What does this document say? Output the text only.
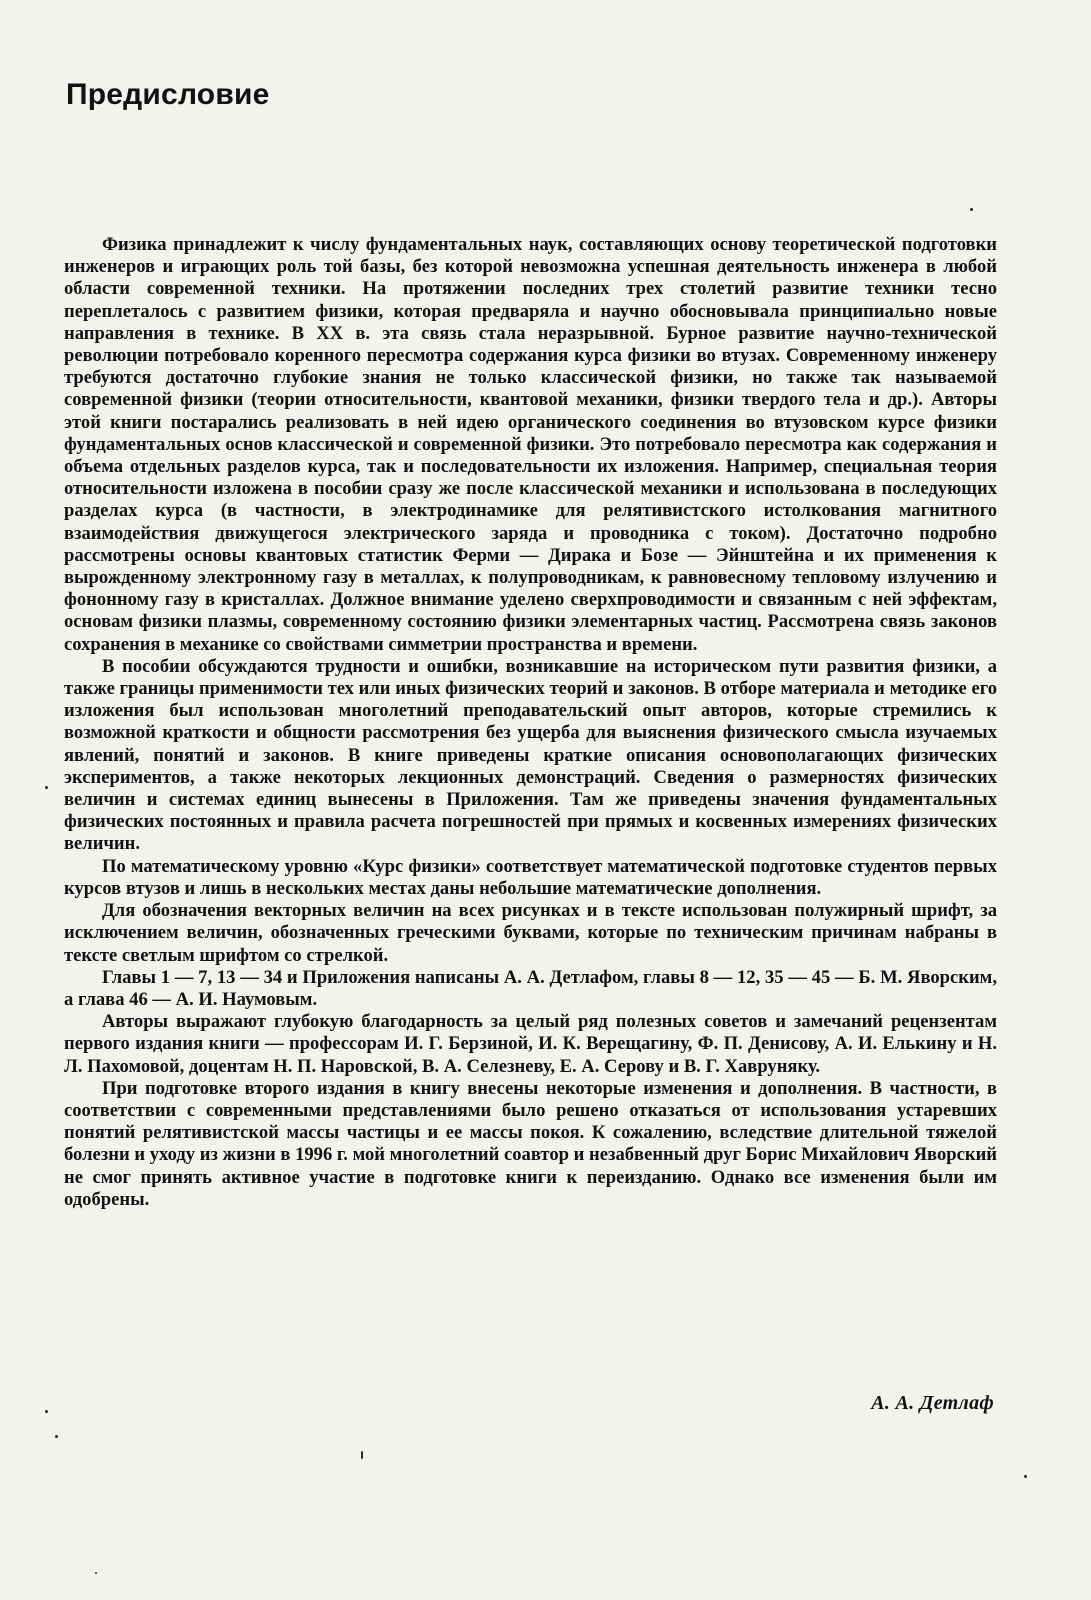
Предисловие

Физика принадлежит к числу фундаментальных наук, составляющих основу теоретической подготовки инженеров и играющих роль той базы, без которой невозможна успешная деятельность инженера в любой области современной техники. На протяжении последних трех столетий развитие техники тесно переплеталось с развитием физики, которая предваряла и научно обосновывала принципиально новые направления в технике. В XX в. эта связь стала неразрывной. Бурное развитие научно-технической революции потребовало коренного пересмотра содержания курса физики во втузах. Современному инженеру требуются достаточно глубокие знания не только классической физики, но также так называемой современной физики (теории относительности, квантовой механики, физики твердого тела и др.). Авторы этой книги постарались реализовать в ней идею органического соединения во втузовском курсе физики фундаментальных основ классической и современной физики. Это потребовало пересмотра как содержания и объема отдельных разделов курса, так и последовательности их изложения. Например, специальная теория относительности изложена в пособии сразу же после классической механики и использована в последующих разделах курса (в частности, в электродинамике для релятивистского истолкования магнитного взаимодействия движущегося электрического заряда и проводника с током). Достаточно подробно рассмотрены основы квантовых статистик Ферми — Дирака и Бозе — Эйнштейна и их применения к вырожденному электронному газу в металлах, к полупроводникам, к равновесному тепловому излучению и фононному газу в кристаллах. Должное внимание уделено сверхпроводимости и связанным с ней эффектам, основам физики плазмы, современному состоянию физики элементарных частиц. Рассмотрена связь законов сохранения в механике со свойствами симметрии пространства и времени.

В пособии обсуждаются трудности и ошибки, возникавшие на историческом пути развития физики, а также границы применимости тех или иных физических теорий и законов. В отборе материала и методике его изложения был использован многолетний преподавательский опыт авторов, которые стремились к возможной краткости и общности рассмотрения без ущерба для выяснения физического смысла изучаемых явлений, понятий и законов. В книге приведены краткие описания основополагающих физических экспериментов, а также некоторых лекционных демонстраций. Сведения о размерностях физических величин и системах единиц вынесены в Приложения. Там же приведены значения фундаментальных физических постоянных и правила расчета погрешностей при прямых и косвенных измерениях физических величин.

По математическому уровню «Курс физики» соответствует математической подготовке студентов первых курсов втузов и лишь в нескольких местах даны небольшие математические дополнения.

Для обозначения векторных величин на всех рисунках и в тексте использован полужирный шрифт, за исключением величин, обозначенных греческими буквами, которые по техническим причинам набраны в тексте светлым шрифтом со стрелкой.

Главы 1 — 7, 13 — 34 и Приложения написаны А. А. Детлафом, главы 8 — 12, 35 — 45 — Б. М. Яворским, а глава 46 — А. И. Наумовым.

Авторы выражают глубокую благодарность за целый ряд полезных советов и замечаний рецензентам первого издания книги — профессорам И. Г. Берзиной, И. К. Верещагину, Ф. П. Денисову, А. И. Елькину и Н. Л. Пахомовой, доцентам Н. П. Наровской, В. А. Селезневу, Е. А. Серову и В. Г. Хавруняку.

При подготовке второго издания в книгу внесены некоторые изменения и дополнения. В частности, в соответствии с современными представлениями было решено отказаться от использования устаревших понятий релятивистской массы частицы и ее массы покоя. К сожалению, вследствие длительной тяжелой болезни и уходу из жизни в 1996 г. мой многолетний соавтор и незабвенный друг Борис Михайлович Яворский не смог принять активное участие в подготовке книги к переизданию. Однако все изменения были им одобрены.

А. А. Детлаф
